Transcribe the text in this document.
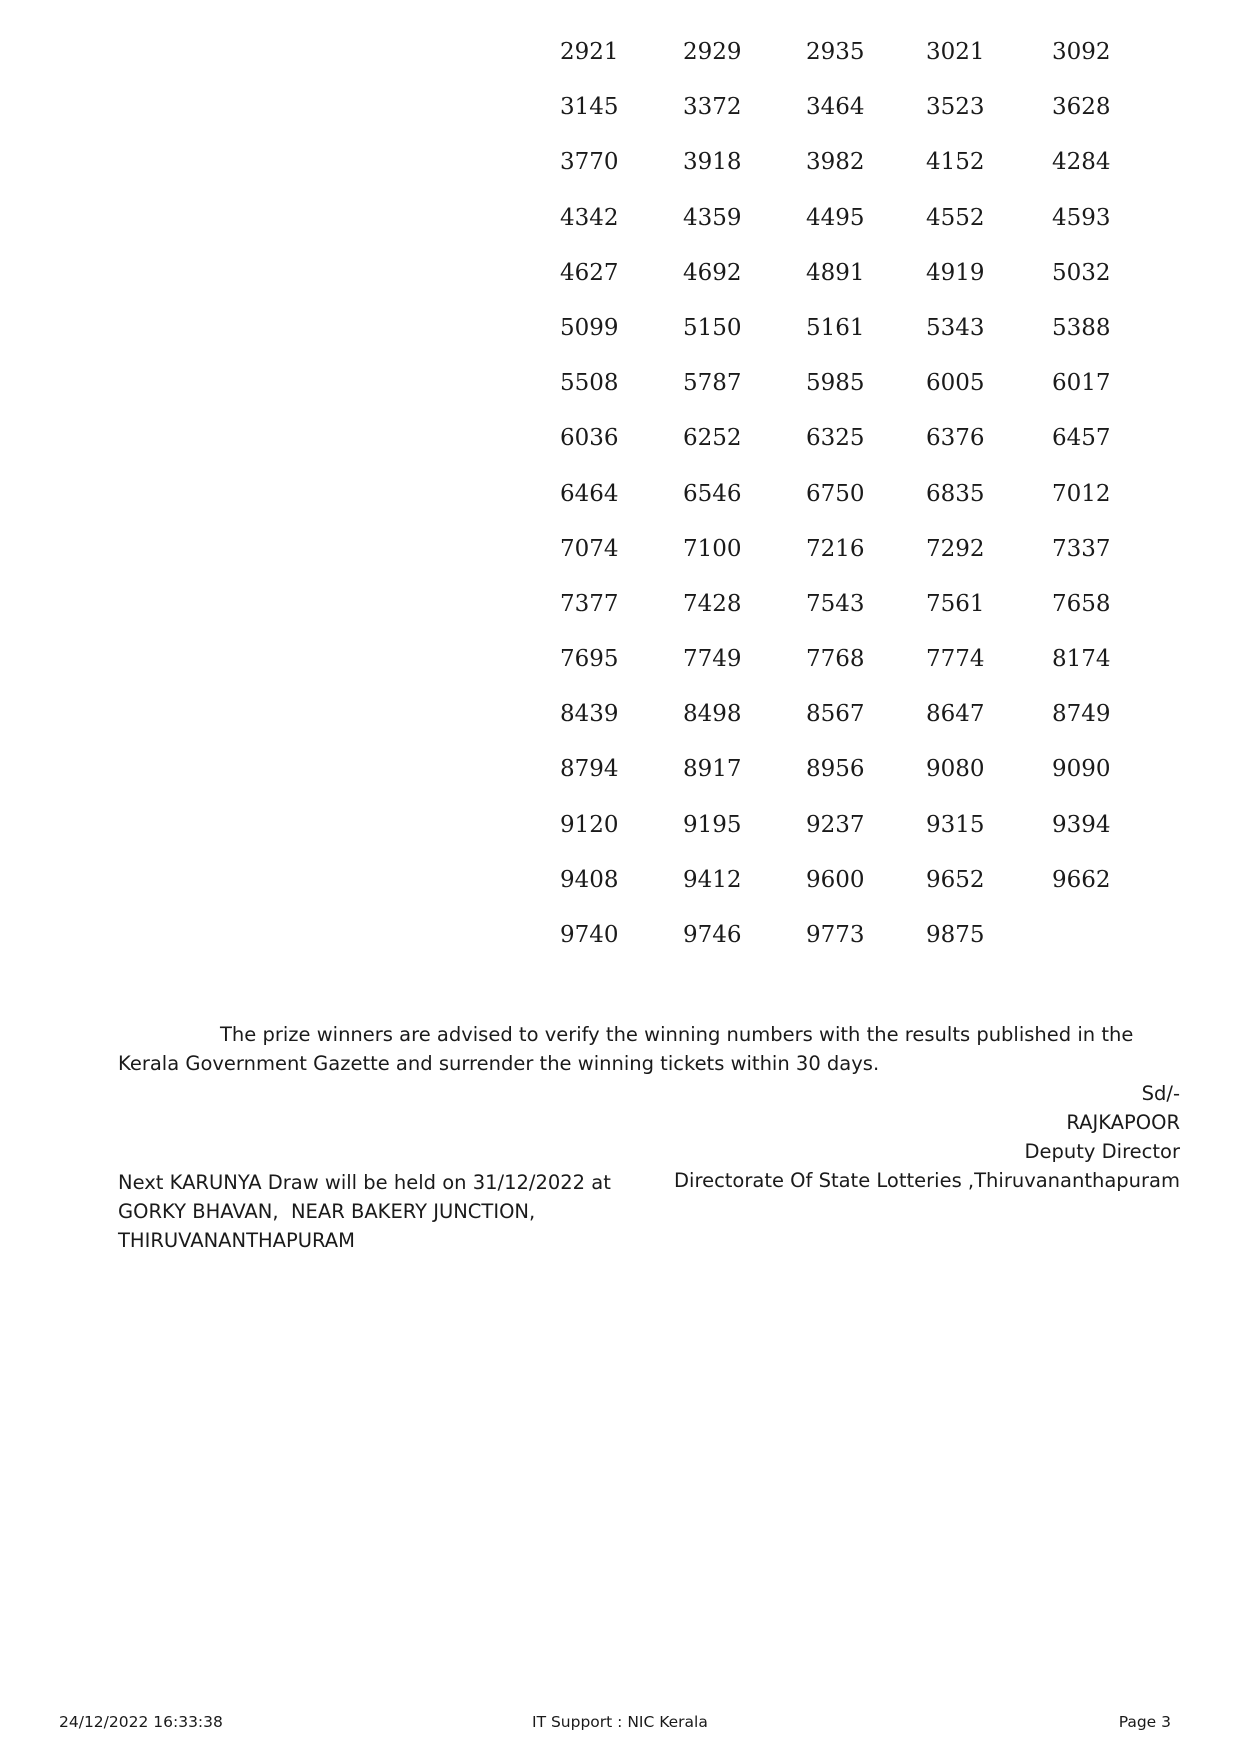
2921	2929	2935	3021	3092
3145	3372	3464	3523	3628
3770	3918	3982	4152	4284
4342	4359	4495	4552	4593
4627	4692	4891	4919	5032
5099	5150	5161	5343	5388
5508	5787	5985	6005	6017
6036	6252	6325	6376	6457
6464	6546	6750	6835	7012
7074	7100	7216	7292	7337
7377	7428	7543	7561	7658
7695	7749	7768	7774	8174
8439	8498	8567	8647	8749
8794	8917	8956	9080	9090
9120	9195	9237	9315	9394
9408	9412	9600	9652	9662
9740	9746	9773	9875

The prize winners are advised to verify the winning numbers with the results published in the Kerala Government Gazette and surrender the winning tickets within 30 days.

Sd/-
RAJKAPOOR
Deputy Director
Directorate Of State Lotteries ,Thiruvananthapuram
Next KARUNYA Draw will be held on 31/12/2022 at
GORKY BHAVAN,  NEAR BAKERY JUNCTION,
THIRUVANANTHAPURAM
24/12/2022 16:33:38	IT Support : NIC Kerala	Page 3
